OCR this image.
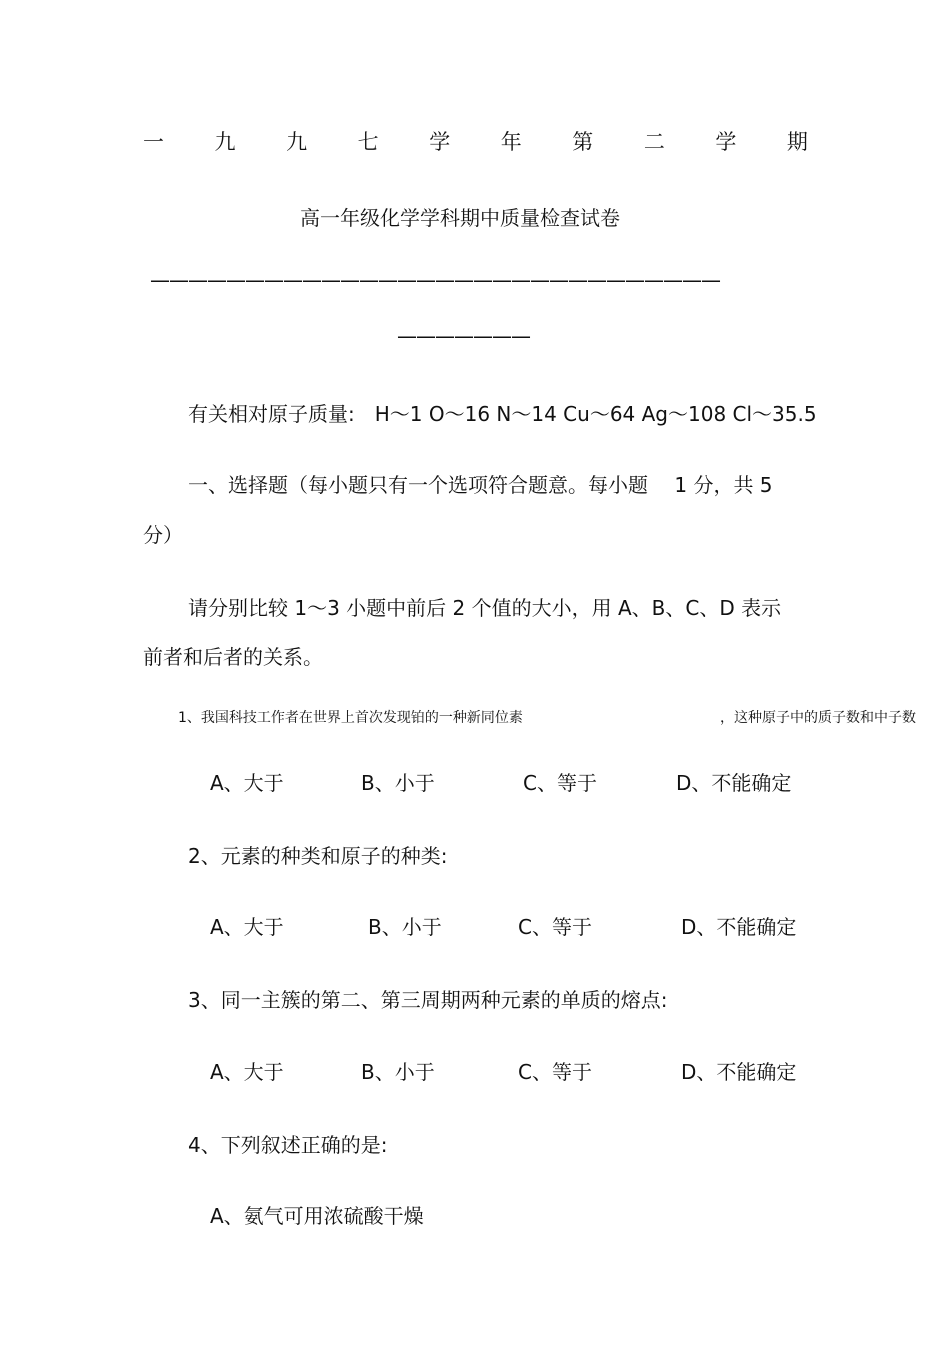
一 九 九 七 学 年 第 二 学 期
高一年级化学学科期中质量检查试卷
——————————————————————————————
———————
有关相对原子质量:　H～1 O～16 N～14 Cu～64 Ag～108 Cl～35.5
一、选择题（每小题只有一个选项符合题意。每小题　 1 分，共 5
分）
请分别比较 1～3 小题中前后 2 个值的大小，用 A、B、C、D 表示
前者和后者的关系。
1、我国科技工作者在世界上首次发现铂的一种新同位素	，这种原子中的质子数和中子数
A、大于	B、小于	C、等于	D、不能确定
2、元素的种类和原子的种类:
A、大于	B、小于	C、等于	D、不能确定
3、同一主簇的第二、第三周期两种元素的单质的熔点:
A、大于	B、小于	C、等于	D、不能确定
4、下列叙述正确的是:
A、氨气可用浓硫酸干燥
